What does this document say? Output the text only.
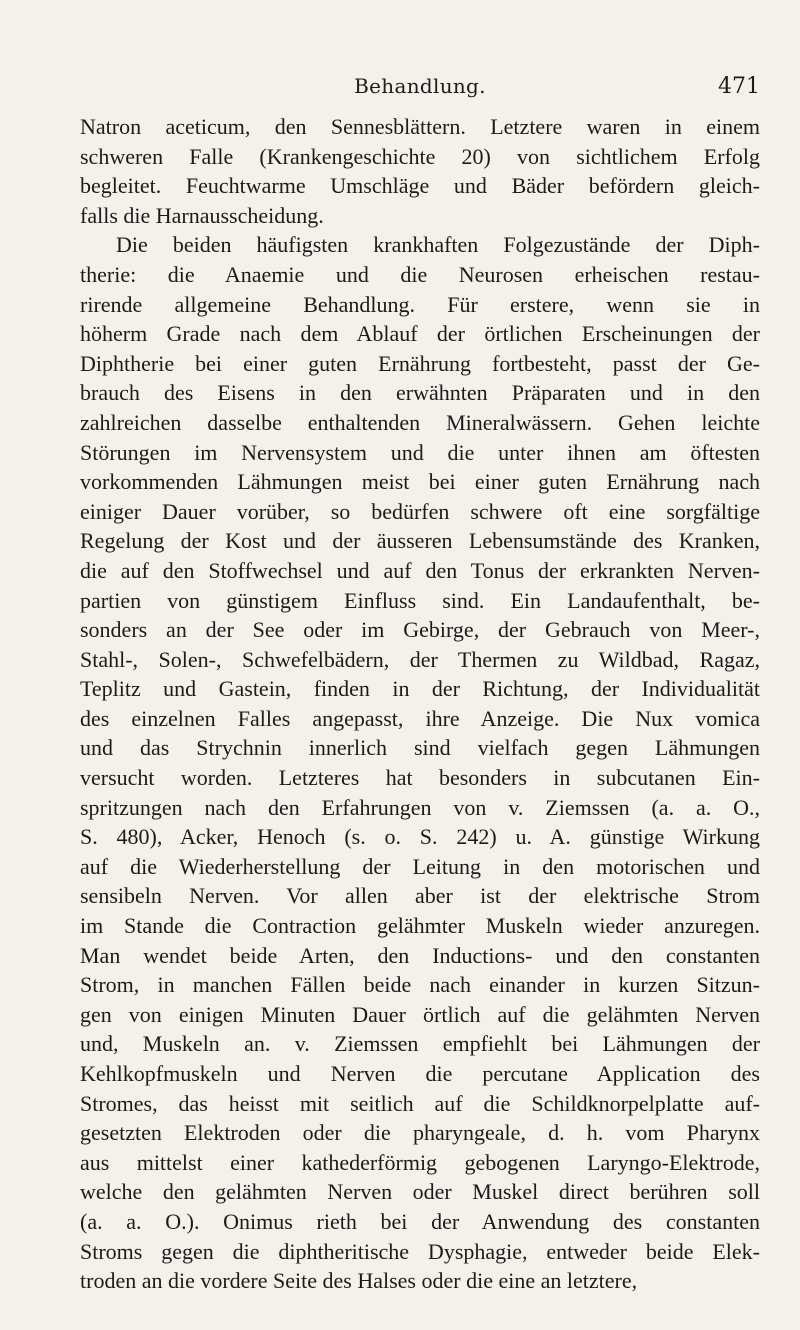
Behandlung.	471
Natron aceticum, den Sennesblättern. Letztere waren in einem
schweren Falle (Krankengeschichte 20) von sichtlichem Erfolg
begleitet. Feuchtwarme Umschläge und Bäder befördern gleich-
falls die Harnausscheidung.
Die beiden häufigsten krankhaften Folgezustände der Diph-
therie: die Anaemie und die Neurosen erheischen restau-
rirende allgemeine Behandlung. Für erstere, wenn sie in
höherm Grade nach dem Ablauf der örtlichen Erscheinungen der
Diphtherie bei einer guten Ernährung fortbesteht, passt der Ge-
brauch des Eisens in den erwähnten Präparaten und in den
zahlreichen dasselbe enthaltenden Mineralwässern. Gehen leichte
Störungen im Nervensystem und die unter ihnen am öftesten
vorkommenden Lähmungen meist bei einer guten Ernährung nach
einiger Dauer vorüber, so bedürfen schwere oft eine sorgfältige
Regelung der Kost und der äusseren Lebensumstände des Kranken,
die auf den Stoffwechsel und auf den Tonus der erkrankten Nerven-
partien von günstigem Einfluss sind. Ein Landaufenthalt, be-
sonders an der See oder im Gebirge, der Gebrauch von Meer-,
Stahl-, Solen-, Schwefelbädern, der Thermen zu Wildbad, Ragaz,
Teplitz und Gastein, finden in der Richtung, der Individualität
des einzelnen Falles angepasst, ihre Anzeige. Die Nux vomica
und das Strychnin innerlich sind vielfach gegen Lähmungen
versucht worden. Letzteres hat besonders in subcutanen Ein-
spritzungen nach den Erfahrungen von v. Ziemssen (a. a. O.,
S. 480), Acker, Henoch (s. o. S. 242) u. A. günstige Wirkung
auf die Wiederherstellung der Leitung in den motorischen und
sensibeln Nerven. Vor allen aber ist der elektrische Strom
im Stande die Contraction gelähmter Muskeln wieder anzuregen.
Man wendet beide Arten, den Inductions- und den constanten
Strom, in manchen Fällen beide nach einander in kurzen Sitzun-
gen von einigen Minuten Dauer örtlich auf die gelähmten Nerven
und, Muskeln an. v. Ziemssen empfiehlt bei Lähmungen der
Kehlkopfmuskeln und Nerven die percutane Application des
Stromes, das heisst mit seitlich auf die Schildknorpelplatte auf-
gesetzten Elektroden oder die pharyngeale, d. h. vom Pharynx
aus mittelst einer kathederförmig gebogenen Laryngo-Elektrode,
welche den gelähmten Nerven oder Muskel direct berühren soll
(a. a. O.). Onimus rieth bei der Anwendung des constanten
Stroms gegen die diphtheritische Dysphagie, entweder beide Elek-
troden an die vordere Seite des Halses oder die eine an letztere,
